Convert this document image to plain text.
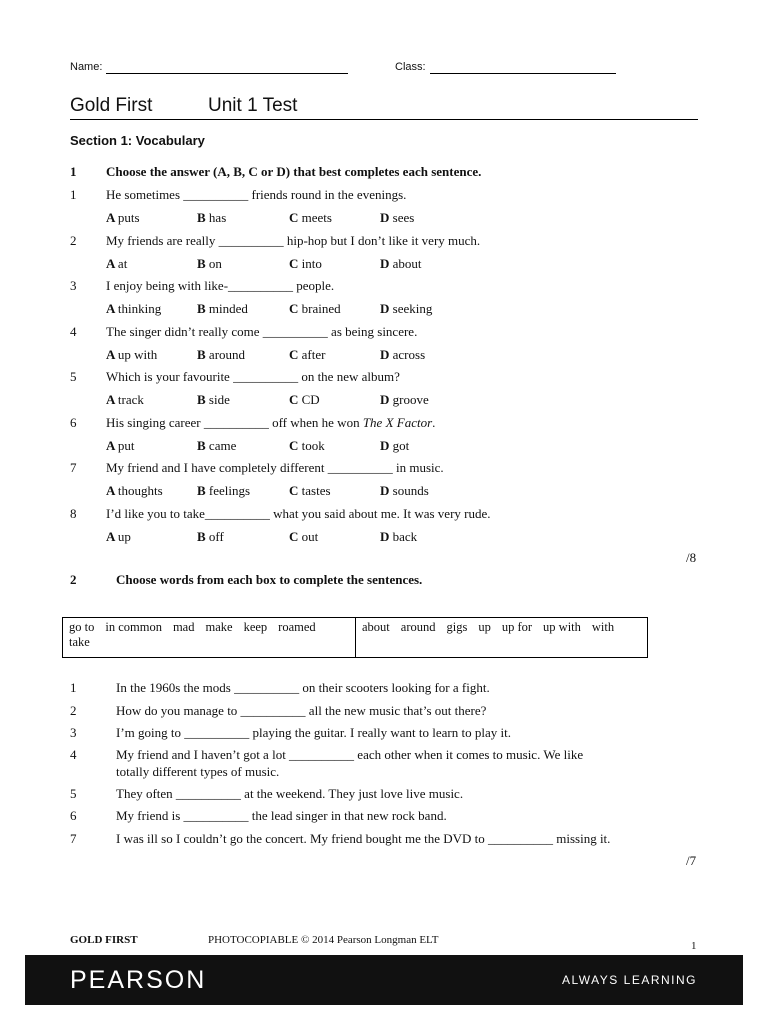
Name:	Class:
Gold First	Unit 1 Test
Section 1: Vocabulary
1 Choose the answer (A, B, C or D) that best completes each sentence.
1 He sometimes __________ friends round in the evenings.
A puts	B has	C meets	D sees
2 My friends are really __________ hip-hop but I don’t like it very much.
A at	B on	C into	D about
3 I enjoy being with like-__________ people.
A thinking	B minded	C brained	D seeking
4 The singer didn’t really come __________ as being sincere.
A up with	B around	C after	D across
5 Which is your favourite __________ on the new album?
A track	B side	C CD	D groove
6 His singing career __________ off when he won The X Factor.
A put	B came	C took	D got
7 My friend and I have completely different __________ in music.
A thoughts	B feelings	C tastes	D sounds
8 I’d like you to take__________ what you said about me. It was very rude.
A up	B off	C out	D back
/8
2	Choose words from each box to complete the sentences.
go to in common mad make keep roamedtake
about around gigs up up for up with with
1	In the 1960s the mods __________ on their scooters looking for a fight.
2	How do you manage to __________ all the new music that’s out there?
3	I’m going to __________ playing the guitar. I really want to learn to play it.
4	My friend and I haven’t got a lot __________ each other when it comes to music. We like
totally different types of music.
5	They often __________ at the weekend. They just love live music.
6	My friend is __________ the lead singer in that new rock band.
7	I was ill so I couldn’t go the concert. My friend bought me the DVD to __________ missing it.
/7
GOLD FIRST	PHOTOCOPIABLE © 2014 Pearson Longman ELT	1
PEARSON	ALWAYS LEARNING
